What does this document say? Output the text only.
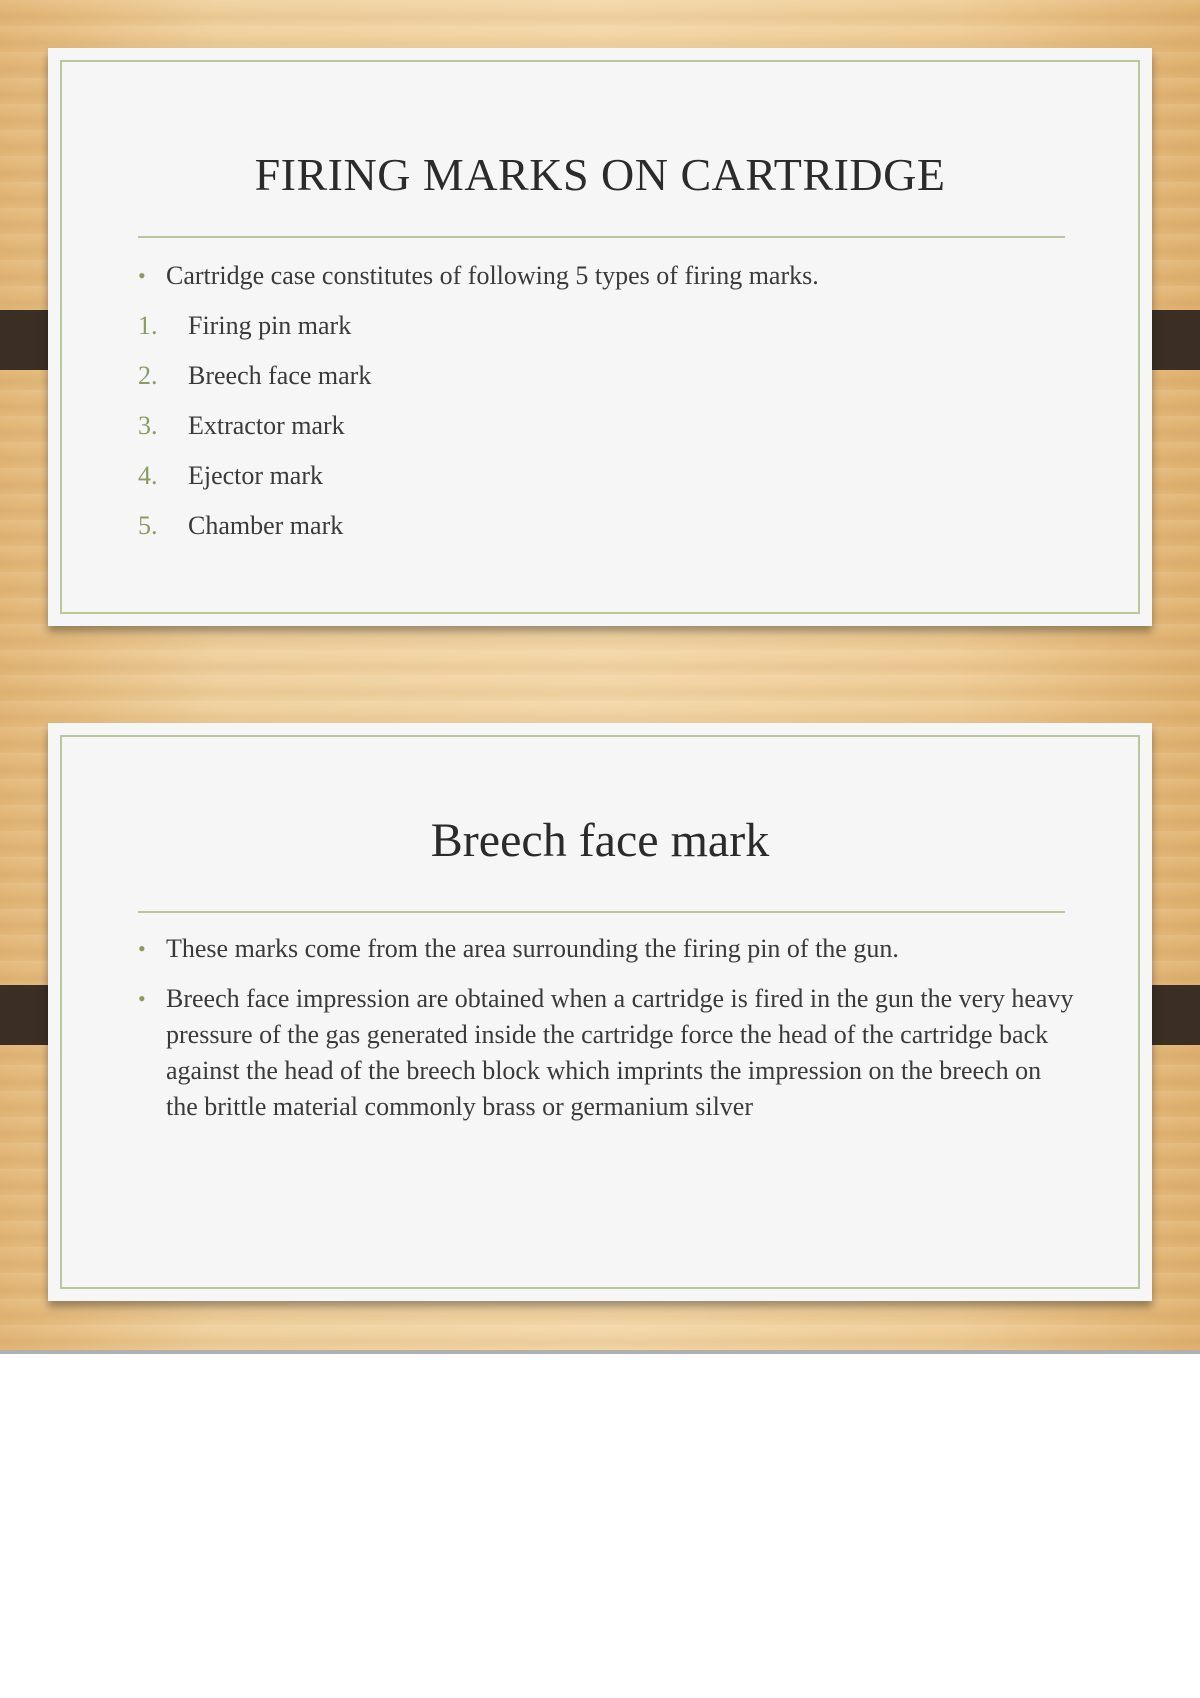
FIRING MARKS ON CARTRIDGE
• Cartridge case constitutes of following 5 types of firing marks.
1.	Firing pin mark
2.	Breech face mark
3.	Extractor mark
4.	Ejector mark
5.	Chamber mark
Breech face mark
• These marks come from the area surrounding the firing pin of the gun.
• Breech face impression are obtained when a cartridge is fired in the gun the very heavy pressure of the gas generated inside the cartridge force the head of the cartridge back against the head of the breech block which imprints the impression on the breech on the brittle material commonly brass or germanium silver
